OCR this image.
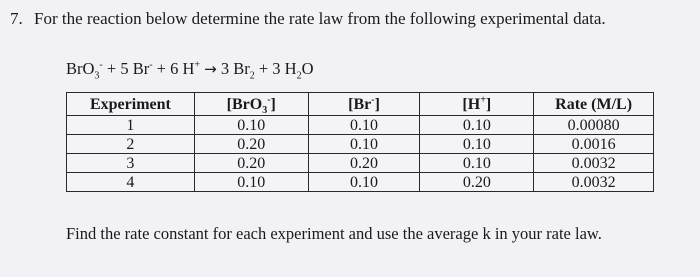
7. For the reaction below determine the rate law from the following experimental data.
BrO$_3$- + 5 Br- + 6 H+ → 3 $Br_2 + 3$ $H_2O$
Experiment	[BrO$_3$-]	[Br-]	[H+]	Rate (M/L)
1	0.10	0.10	0.10	0.00080
2	0.20	0.10	0.10	0.0016
3	0.20	0.20	0.10	0.0032
4	0.10	0.10	0.20	0.0032
Find the rate constant for each experiment and use the average k in your rate law.
